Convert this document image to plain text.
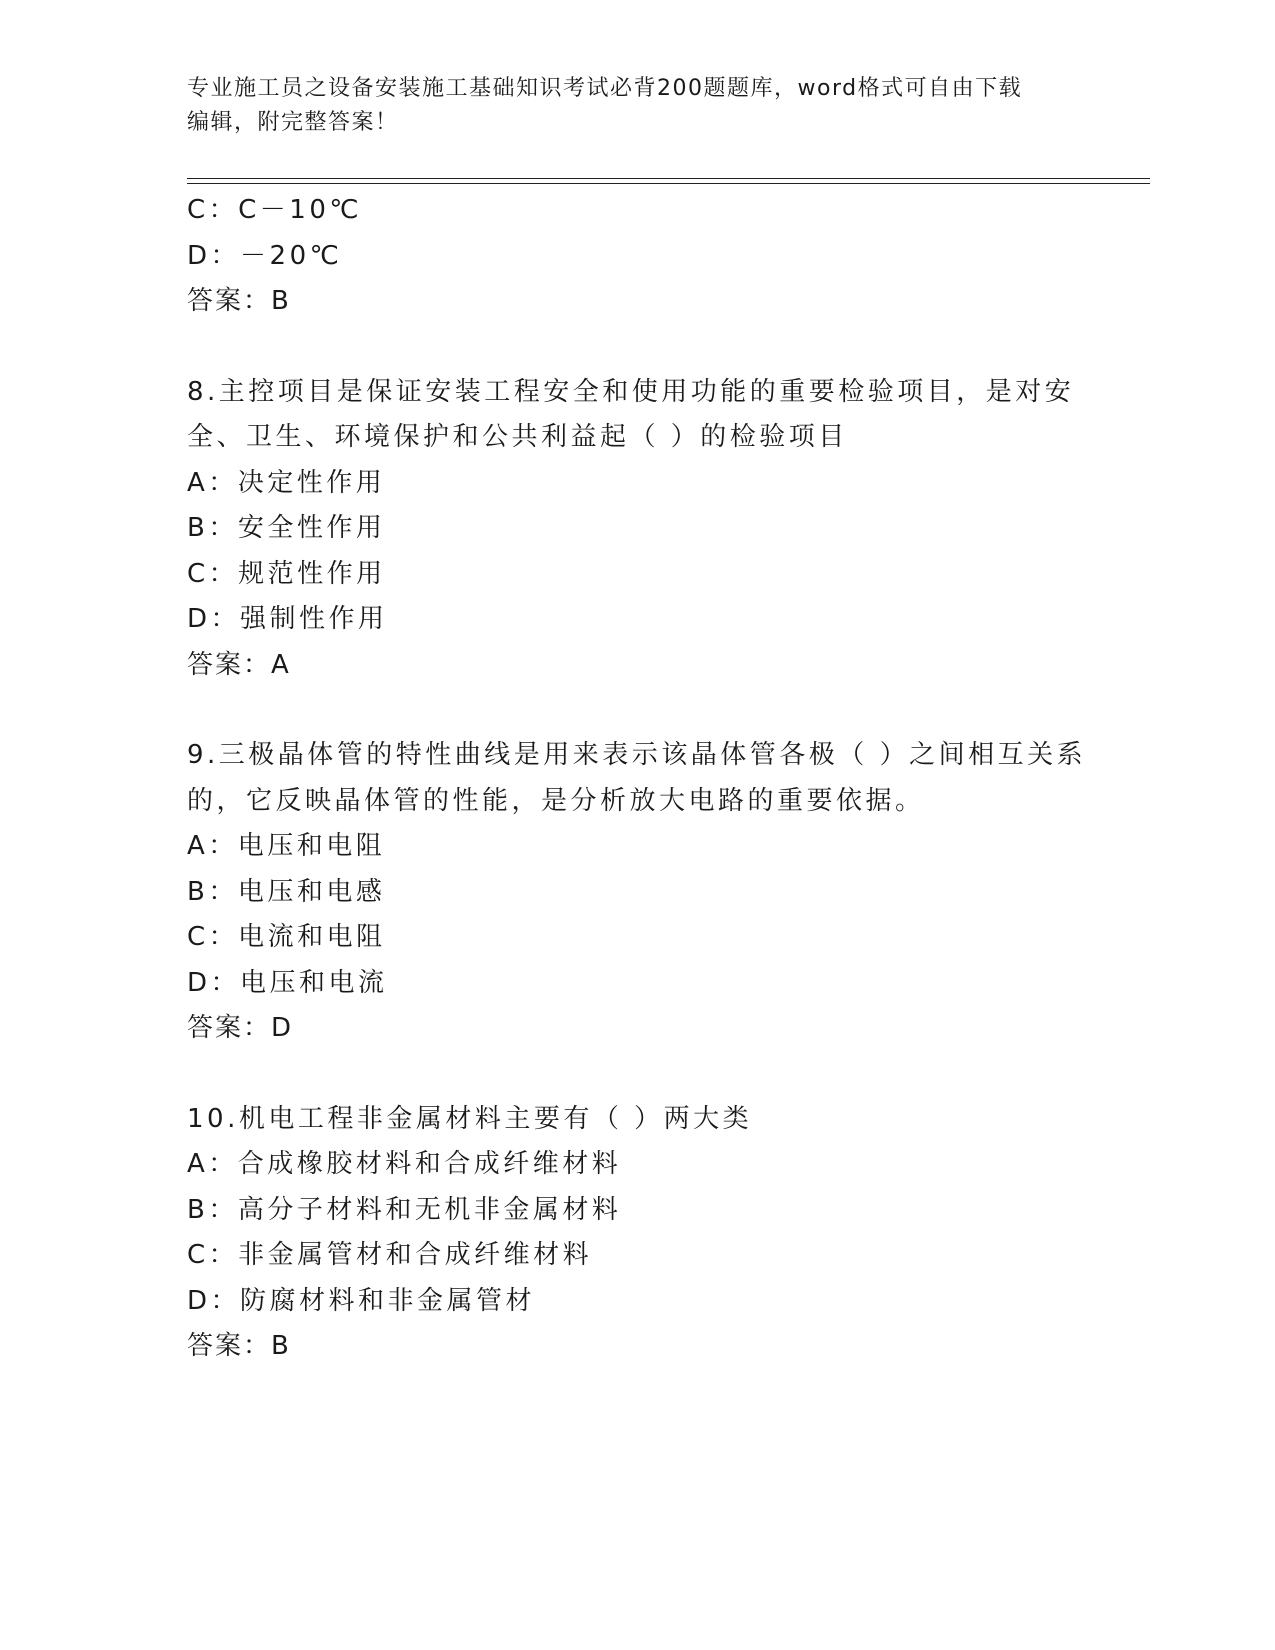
专业施工员之设备安装施工基础知识考试必背200题题库，word格式可自由下载
编辑，附完整答案！
C：C－10℃
D：－20℃
答案：B
8.主控项目是保证安装工程安全和使用功能的重要检验项目，是对安
全、卫生、环境保护和公共利益起（ ）的检验项目
A：决定性作用
B：安全性作用
C：规范性作用
D：强制性作用
答案：A
9.三极晶体管的特性曲线是用来表示该晶体管各极（ ）之间相互关系
的，它反映晶体管的性能，是分析放大电路的重要依据。
A：电压和电阻
B：电压和电感
C：电流和电阻
D：电压和电流
答案：D
10.机电工程非金属材料主要有（ ）两大类
A：合成橡胶材料和合成纤维材料
B：高分子材料和无机非金属材料
C：非金属管材和合成纤维材料
D：防腐材料和非金属管材
答案：B
